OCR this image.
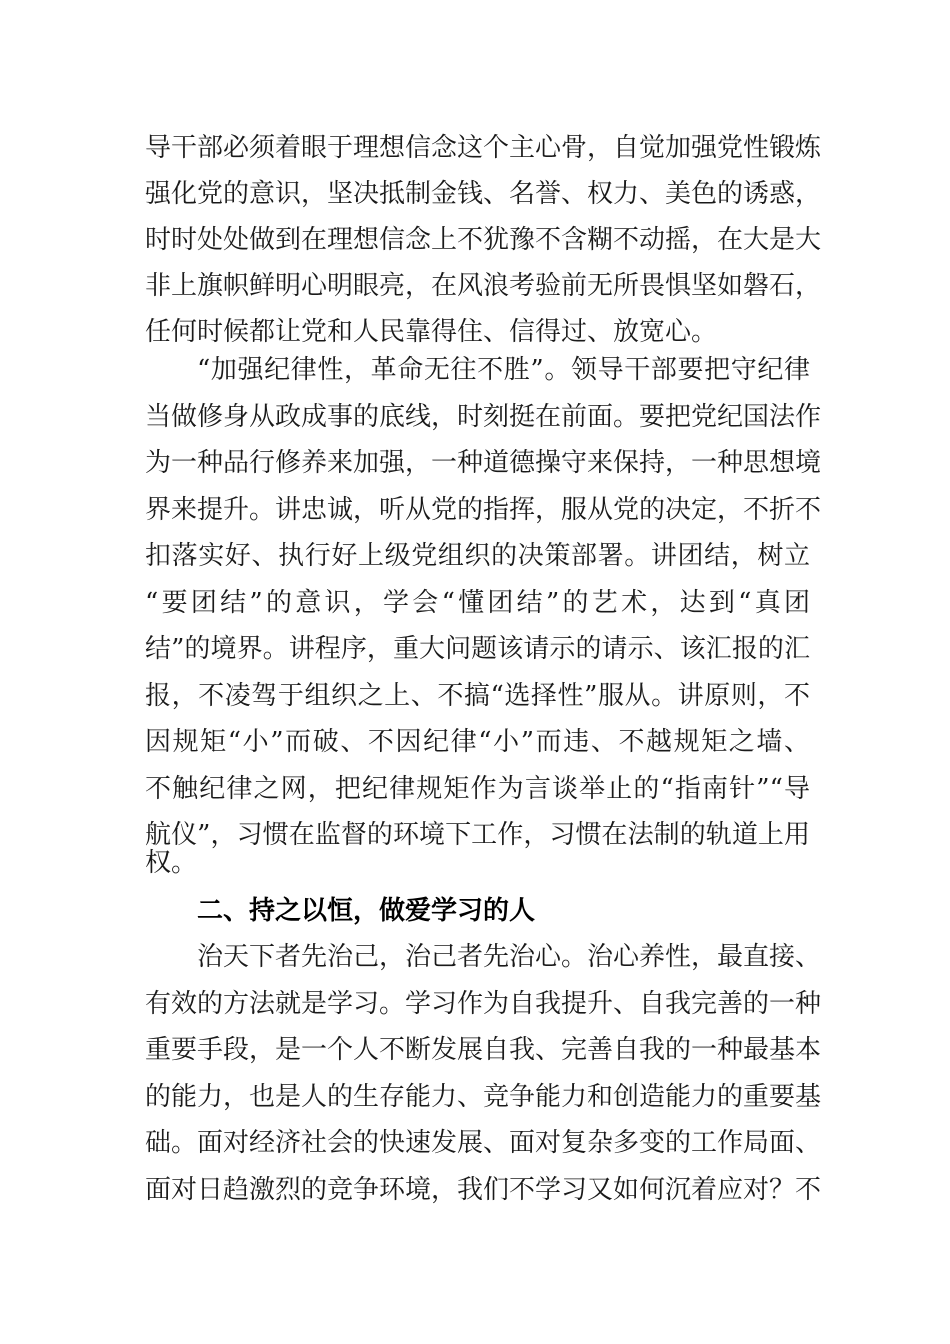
导干部必须着眼于理想信念这个主心骨，自觉加强党性锻炼
强化党的意识，坚决抵制金钱、名誉、权力、美色的诱惑，
时时处处做到在理想信念上不犹豫不含糊不动摇，在大是大
非上旗帜鲜明心明眼亮，在风浪考验前无所畏惧坚如磐石，
任何时候都让党和人民靠得住、信得过、放宽心。
“加强纪律性，革命无往不胜”。领导干部要把守纪律
当做修身从政成事的底线，时刻挺在前面。要把党纪国法作
为一种品行修养来加强，一种道德操守来保持，一种思想境
界来提升。讲忠诚，听从党的指挥，服从党的决定，不折不
扣落实好、执行好上级党组织的决策部署。讲团结，树立
“要团结”的意识，学会“懂团结”的艺术，达到“真团
结”的境界。讲程序，重大问题该请示的请示、该汇报的汇
报，不凌驾于组织之上、不搞“选择性”服从。讲原则，不
因规矩“小”而破、不因纪律“小”而违、不越规矩之墙、
不触纪律之网，把纪律规矩作为言谈举止的“指南针”“导
航仪”，习惯在监督的环境下工作，习惯在法制的轨道上用
权。
二、持之以恒，做爱学习的人
治天下者先治己，治己者先治心。治心养性，最直接、
有效的方法就是学习。学习作为自我提升、自我完善的一种
重要手段，是一个人不断发展自我、完善自我的一种最基本
的能力，也是人的生存能力、竞争能力和创造能力的重要基
础。面对经济社会的快速发展、面对复杂多变的工作局面、
面对日趋激烈的竞争环境，我们不学习又如何沉着应对？不
